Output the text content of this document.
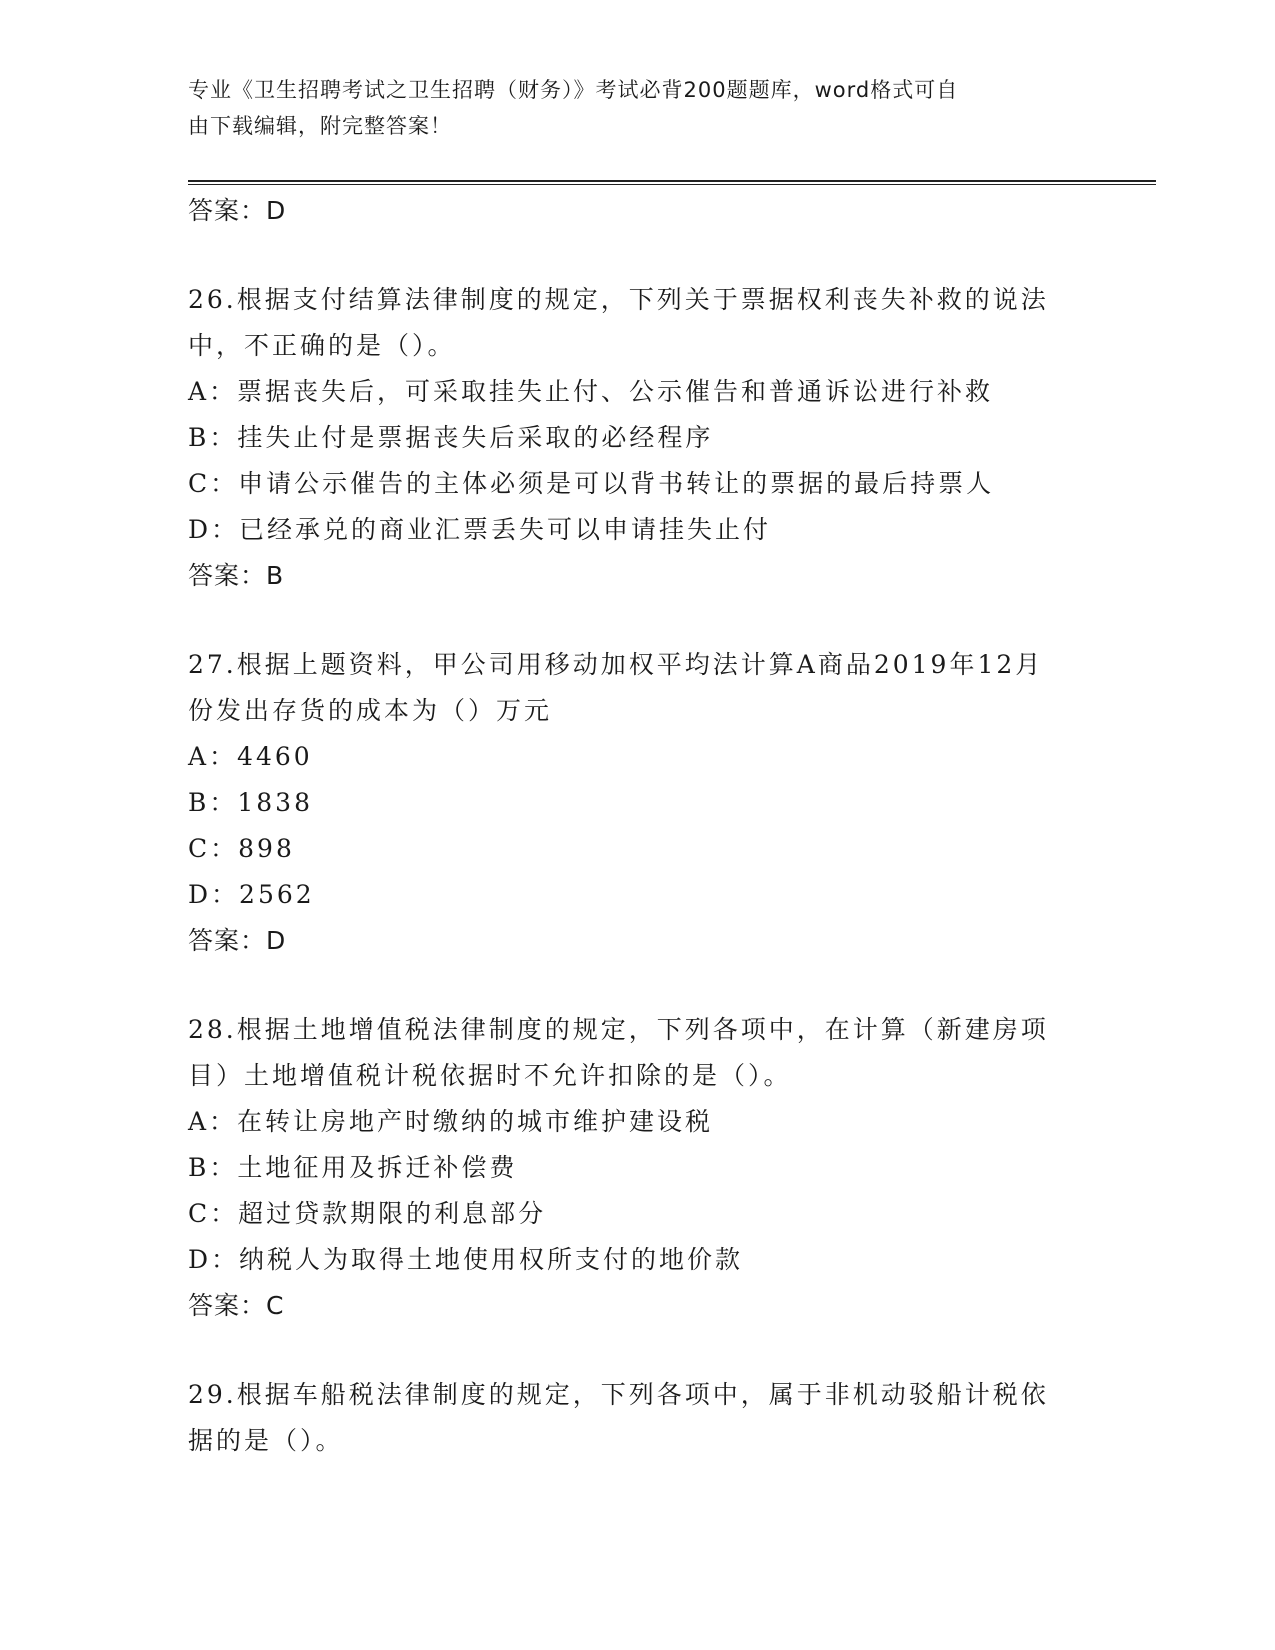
专业《卫生招聘考试之卫生招聘（财务）》考试必背200题题库，word格式可自
由下载编辑，附完整答案！
答案：D
26.根据支付结算法律制度的规定，下列关于票据权利丧失补救的说法
中，不正确的是（）。
A：票据丧失后，可采取挂失止付、公示催告和普通诉讼进行补救
B：挂失止付是票据丧失后采取的必经程序
C：申请公示催告的主体必须是可以背书转让的票据的最后持票人
D：已经承兑的商业汇票丢失可以申请挂失止付
答案：B
27.根据上题资料，甲公司用移动加权平均法计算A商品2019年12月
份发出存货的成本为（）万元
A：4460
B：1838
C：898
D：2562
答案：D
28.根据土地增值税法律制度的规定，下列各项中，在计算（新建房项
目）土地增值税计税依据时不允许扣除的是（）。
A：在转让房地产时缴纳的城市维护建设税
B：土地征用及拆迁补偿费
C：超过贷款期限的利息部分
D：纳税人为取得土地使用权所支付的地价款
答案：C
29.根据车船税法律制度的规定，下列各项中，属于非机动驳船计税依
据的是（）。
